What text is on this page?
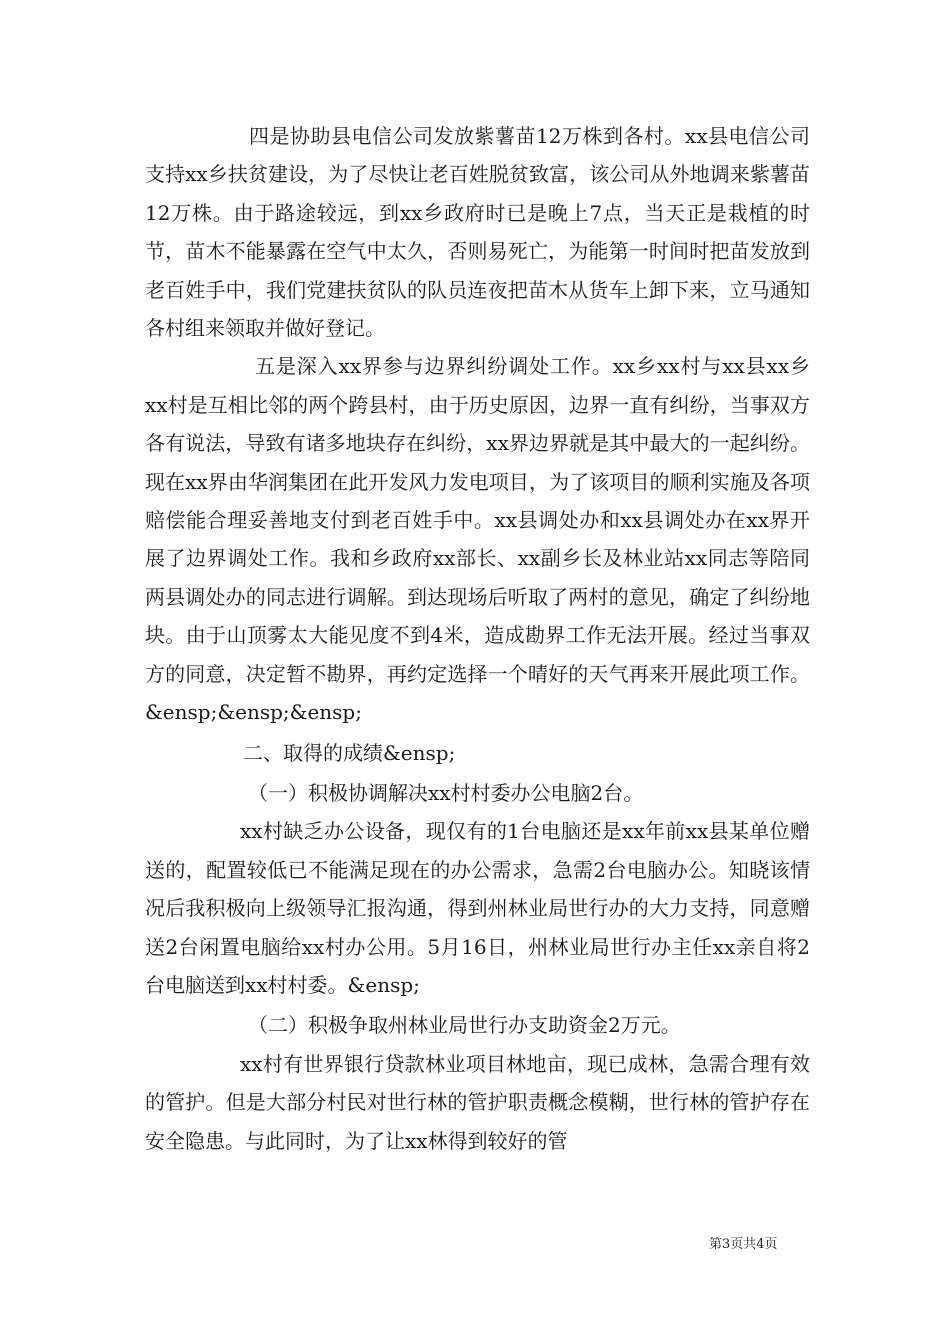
四是协助县电信公司发放紫薯苗12万株到各村。xx县电信公司支持xx乡扶贫建设，为了尽快让老百姓脱贫致富，该公司从外地调来紫薯苗12万株。由于路途较远，到xx乡政府时已是晚上7点，当天正是栽植的时节，苗木不能暴露在空气中太久，否则易死亡，为能第一时间时把苗发放到老百姓手中，我们党建扶贫队的队员连夜把苗木从货车上卸下来，立马通知各村组来领取并做好登记。

五是深入xx界参与边界纠纷调处工作。xx乡xx村与xx县xx乡xx村是互相比邻的两个跨县村，由于历史原因，边界一直有纠纷，当事双方各有说法，导致有诸多地块存在纠纷，xx界边界就是其中最大的一起纠纷。现在xx界由华润集团在此开发风力发电项目，为了该项目的顺利实施及各项赔偿能合理妥善地支付到老百姓手中。xx县调处办和xx县调处办在xx界开展了边界调处工作。我和乡政府xx部长、xx副乡长及林业站xx同志等陪同两县调处办的同志进行调解。到达现场后听取了两村的意见，确定了纠纷地块。由于山顶雾太大能见度不到4米，造成勘界工作无法开展。经过当事双方的同意，决定暂不勘界，再约定选择一个晴好的天气再来开展此项工作。&ensp;&ensp;&ensp;

二、取得的成绩&ensp;

（一）积极协调解决xx村村委办公电脑2台。

xx村缺乏办公设备，现仅有的1台电脑还是xx年前xx县某单位赠送的，配置较低已不能满足现在的办公需求，急需2台电脑办公。知晓该情况后我积极向上级领导汇报沟通，得到州林业局世行办的大力支持，同意赠送2台闲置电脑给xx村办公用。5月16日，州林业局世行办主任xx亲自将2台电脑送到xx村村委。&ensp;

（二）积极争取州林业局世行办支助资金2万元。

xx村有世界银行贷款林业项目林地亩，现已成林，急需合理有效的管护。但是大部分村民对世行林的管护职责概念模糊，世行林的管护存在安全隐患。与此同时，为了让xx林得到较好的管

第3页共4页
